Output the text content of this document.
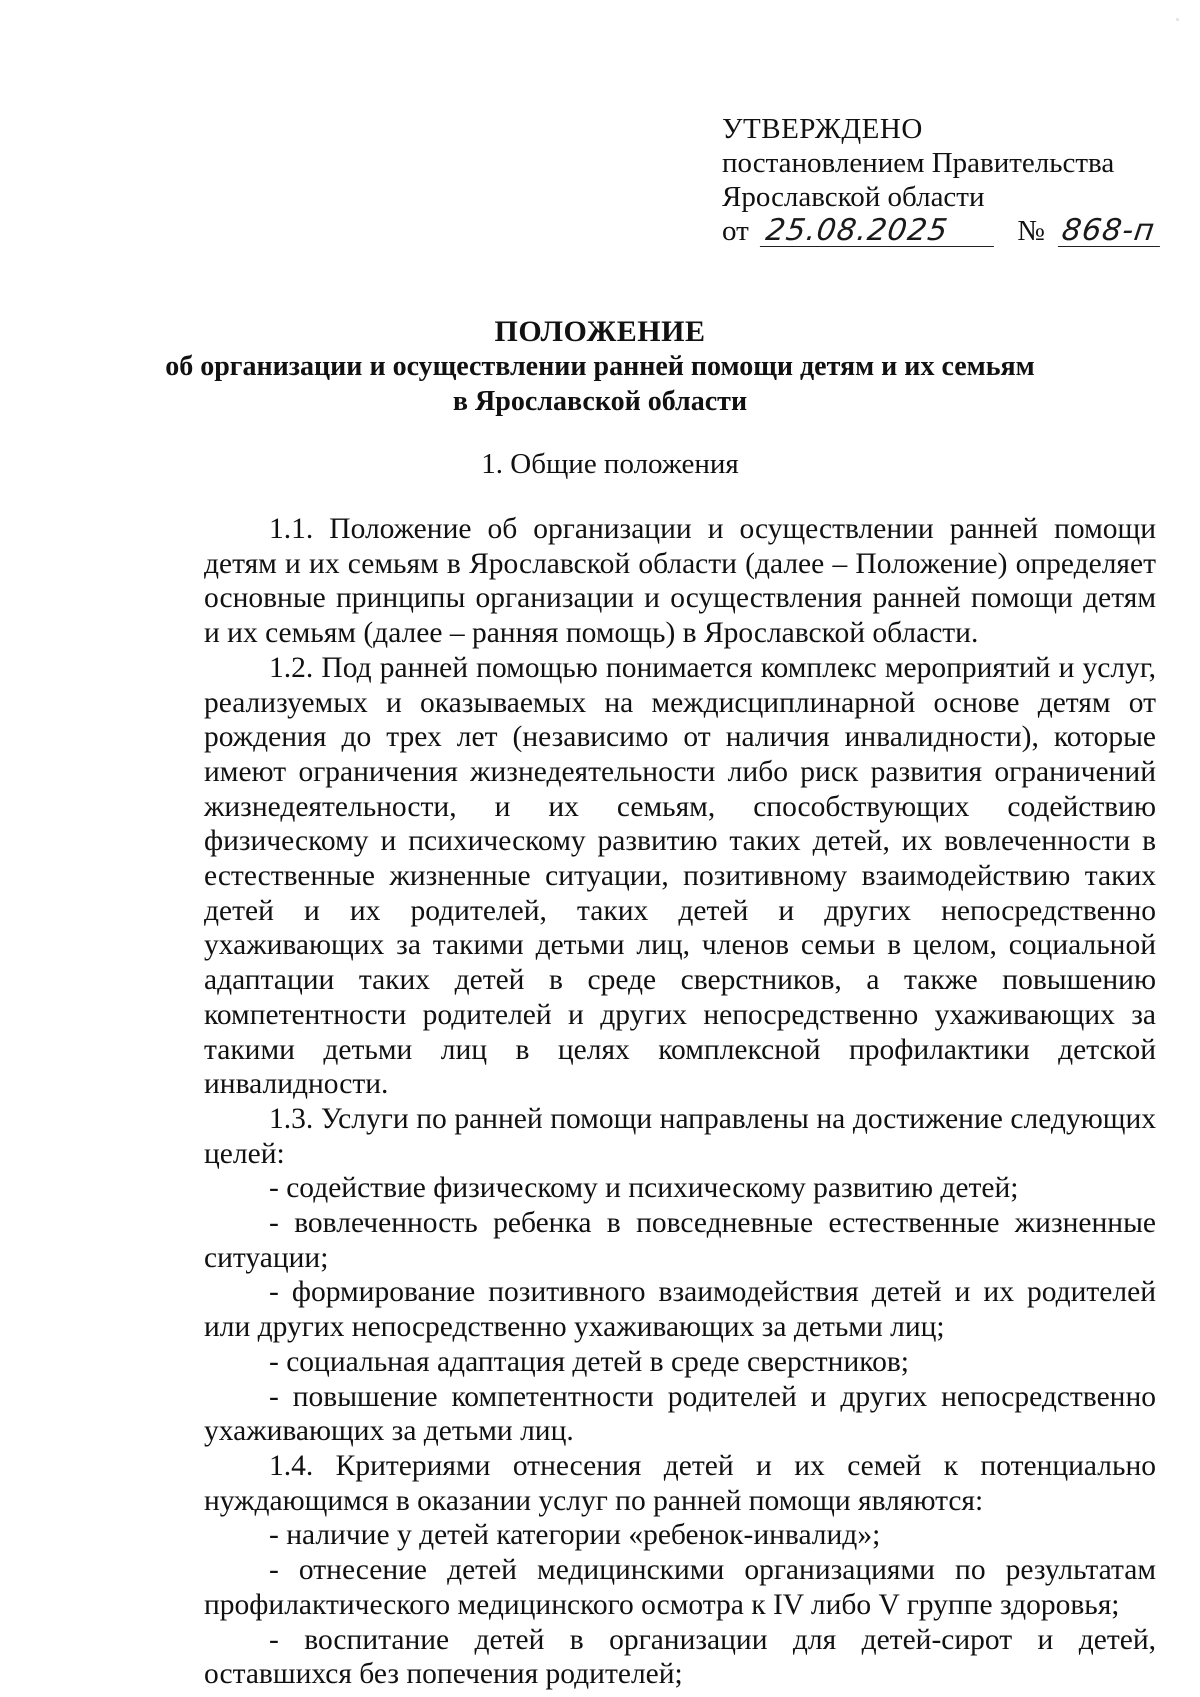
УТВЕРЖДЕНО
постановлением Правительства
Ярославской области
от 25.08.2025 № 868-п
ПОЛОЖЕНИЕ
об организации и осуществлении ранней помощи детям и их семьям
в Ярославской области
1. Общие положения

1.1. Положение об организации и осуществлении ранней помощи детям и их семьям в Ярославской области (далее – Положение) определяет основные принципы организации и осуществления ранней помощи детям и их семьям (далее – ранняя помощь) в Ярославской области.

1.2. Под ранней помощью понимается комплекс мероприятий и услуг, реализуемых и оказываемых на междисциплинарной основе детям от рождения до трех лет (независимо от наличия инвалидности), которые имеют ограничения жизнедеятельности либо риск развития ограничений жизнедеятельности, и их семьям, способствующих содействию физическому и психическому развитию таких детей, их вовлеченности в естественные жизненные ситуации, позитивному взаимодействию таких детей и их родителей, таких детей и других непосредственно ухаживающих за такими детьми лиц, членов семьи в целом, социальной адаптации таких детей в среде сверстников, а также повышению компетентности родителей и других непосредственно ухаживающих за такими детьми лиц в целях комплексной профилактики детской инвалидности.

1.3. Услуги по ранней помощи направлены на достижение следующих целей:

- содействие физическому и психическому развитию детей;

- вовлеченность ребенка в повседневные естественные жизненные ситуации;

- формирование позитивного взаимодействия детей и их родителей или других непосредственно ухаживающих за детьми лиц;

- социальная адаптация детей в среде сверстников;

- повышение компетентности родителей и других непосредственно ухаживающих за детьми лиц.

1.4. Критериями отнесения детей и их семей к потенциально нуждающимся в оказании услуг по ранней помощи являются:

- наличие у детей категории «ребенок-инвалид»;

- отнесение детей медицинскими организациями по результатам профилактического медицинского осмотра к IV либо V группе здоровья;

- воспитание детей в организации для детей-сирот и детей, оставшихся без попечения родителей;
